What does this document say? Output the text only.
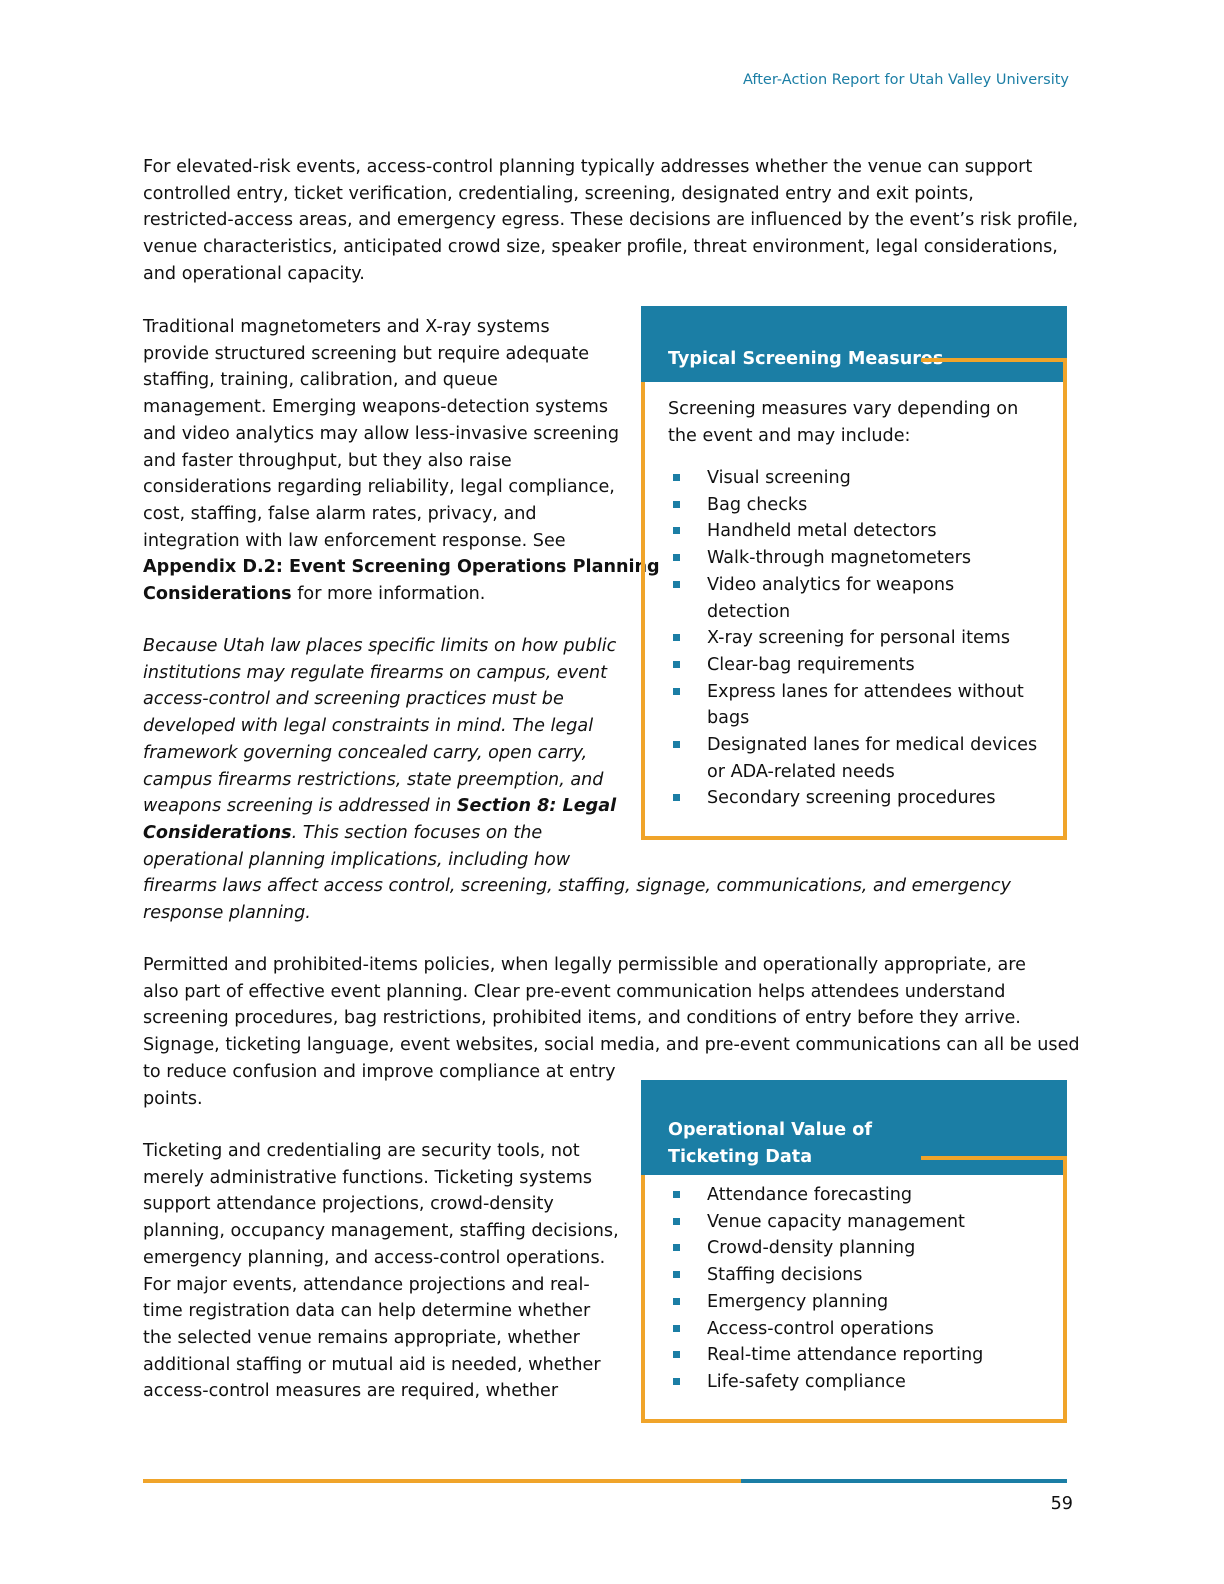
After-Action Report for Utah Valley University
For elevated-risk events, access-control planning typically addresses whether the venue can support
controlled entry, ticket verification, credentialing, screening, designated entry and exit points,
restricted-access areas, and emergency egress. These decisions are influenced by the event’s risk profile,
venue characteristics, anticipated crowd size, speaker profile, threat environment, legal considerations,
and operational capacity.
Traditional magnetometers and X-ray systems
provide structured screening but require adequate
staffing, training, calibration, and queue
management. Emerging weapons-detection systems
and video analytics may allow less-invasive screening
and faster throughput, but they also raise
considerations regarding reliability, legal compliance,
cost, staffing, false alarm rates, privacy, and
integration with law enforcement response. See
Appendix D.2: Event Screening Operations Planning
Considerations for more information.
Because Utah law places specific limits on how public
institutions may regulate firearms on campus, event
access-control and screening practices must be
developed with legal constraints in mind. The legal
framework governing concealed carry, open carry,
campus firearms restrictions, state preemption, and
weapons screening is addressed in Section 8: Legal
Considerations. This section focuses on the
operational planning implications, including how
firearms laws affect access control, screening, staffing, signage, communications, and emergency
response planning.
Permitted and prohibited-items policies, when legally permissible and operationally appropriate, are
also part of effective event planning. Clear pre-event communication helps attendees understand
screening procedures, bag restrictions, prohibited items, and conditions of entry before they arrive.
Signage, ticketing language, event websites, social media, and pre-event communications can all be used
to reduce confusion and improve compliance at entry
points.
Ticketing and credentialing are security tools, not
merely administrative functions. Ticketing systems
support attendance projections, crowd-density
planning, occupancy management, staffing decisions,
emergency planning, and access-control operations.
For major events, attendance projections and real-
time registration data can help determine whether
the selected venue remains appropriate, whether
additional staffing or mutual aid is needed, whether
access-control measures are required, whether
Typical Screening Measures
Screening measures vary depending on
the event and may include:
Visual screening
Bag checks
Handheld metal detectors
Walk-through magnetometers
Video analytics for weapons detection
X-ray screening for personal items
Clear-bag requirements
Express lanes for attendees without bags
Designated lanes for medical devices or ADA-related needs
Secondary screening procedures
Operational Value of
Ticketing Data
Attendance forecasting
Venue capacity management
Crowd-density planning
Staffing decisions
Emergency planning
Access-control operations
Real-time attendance reporting
Life-safety compliance
59
